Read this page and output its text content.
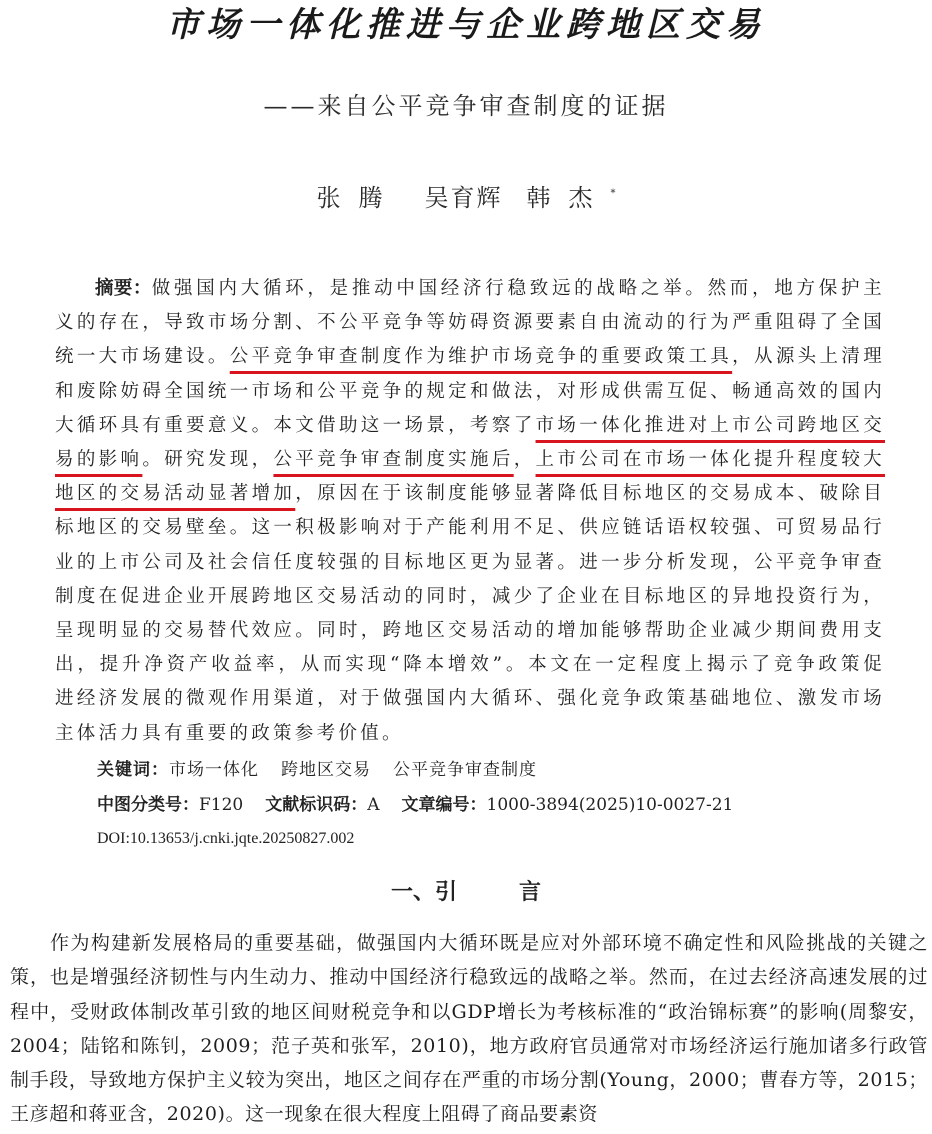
市场一体化推进与企业跨地区交易
——来自公平竞争审查制度的证据
张腾 吴育辉 韩杰*

摘要：做强国内大循环，是推动中国经济行稳致远的战略之举。然而，地方保护主义的存在，导致市场分割、不公平竞争等妨碍资源要素自由流动的行为严重阻碍了全国统一大市场建设。公平竞争审查制度作为维护市场竞争的重要政策工具，从源头上清理和废除妨碍全国统一市场和公平竞争的规定和做法，对形成供需互促、畅通高效的国内大循环具有重要意义。本文借助这一场景，考察了市场一体化推进对上市公司跨地区交易的影响。研究发现，公平竞争审查制度实施后，上市公司在市场一体化提升程度较大地区的交易活动显著增加，原因在于该制度能够显著降低目标地区的交易成本、破除目标地区的交易壁垒。这一积极影响对于产能利用不足、供应链话语权较强、可贸易品行业的上市公司及社会信任度较强的目标地区更为显著。进一步分析发现，公平竞争审查制度在促进企业开展跨地区交易活动的同时，减少了企业在目标地区的异地投资行为，呈现明显的交易替代效应。同时，跨地区交易活动的增加能够帮助企业减少期间费用支出，提升净资产收益率，从而实现“降本增效”。本文在一定程度上揭示了竞争政策促进经济发展的微观作用渠道，对于做强国内大循环、强化竞争政策基础地位、激发市场主体活力具有重要的政策参考价值。

关键词：市场一体化 跨地区交易 公平竞争审查制度
中图分类号：F120 文献标识码：A 文章编号：1000-3894(2025)10-0027-21
DOI:10.13653/j.cnki.jqte.20250827.002
一、引	言

作为构建新发展格局的重要基础，做强国内大循环既是应对外部环境不确定性和风险挑战的关键之策，也是增强经济韧性与内生动力、推动中国经济行稳致远的战略之举。然而，在过去经济高速发展的过程中，受财政体制改革引致的地区间财税竞争和以GDP增长为考核标准的“政治锦标赛”的影响(周黎安，2004；陆铭和陈钊，2009；范子英和张军，2010)，地方政府官员通常对市场经济运行施加诸多行政管制手段，导致地方保护主义较为突出，地区之间存在严重的市场分割(Young，2000；曹春方等，2015；王彦超和蒋亚含，2020)。这一现象在很大程度上阻碍了商品要素资
